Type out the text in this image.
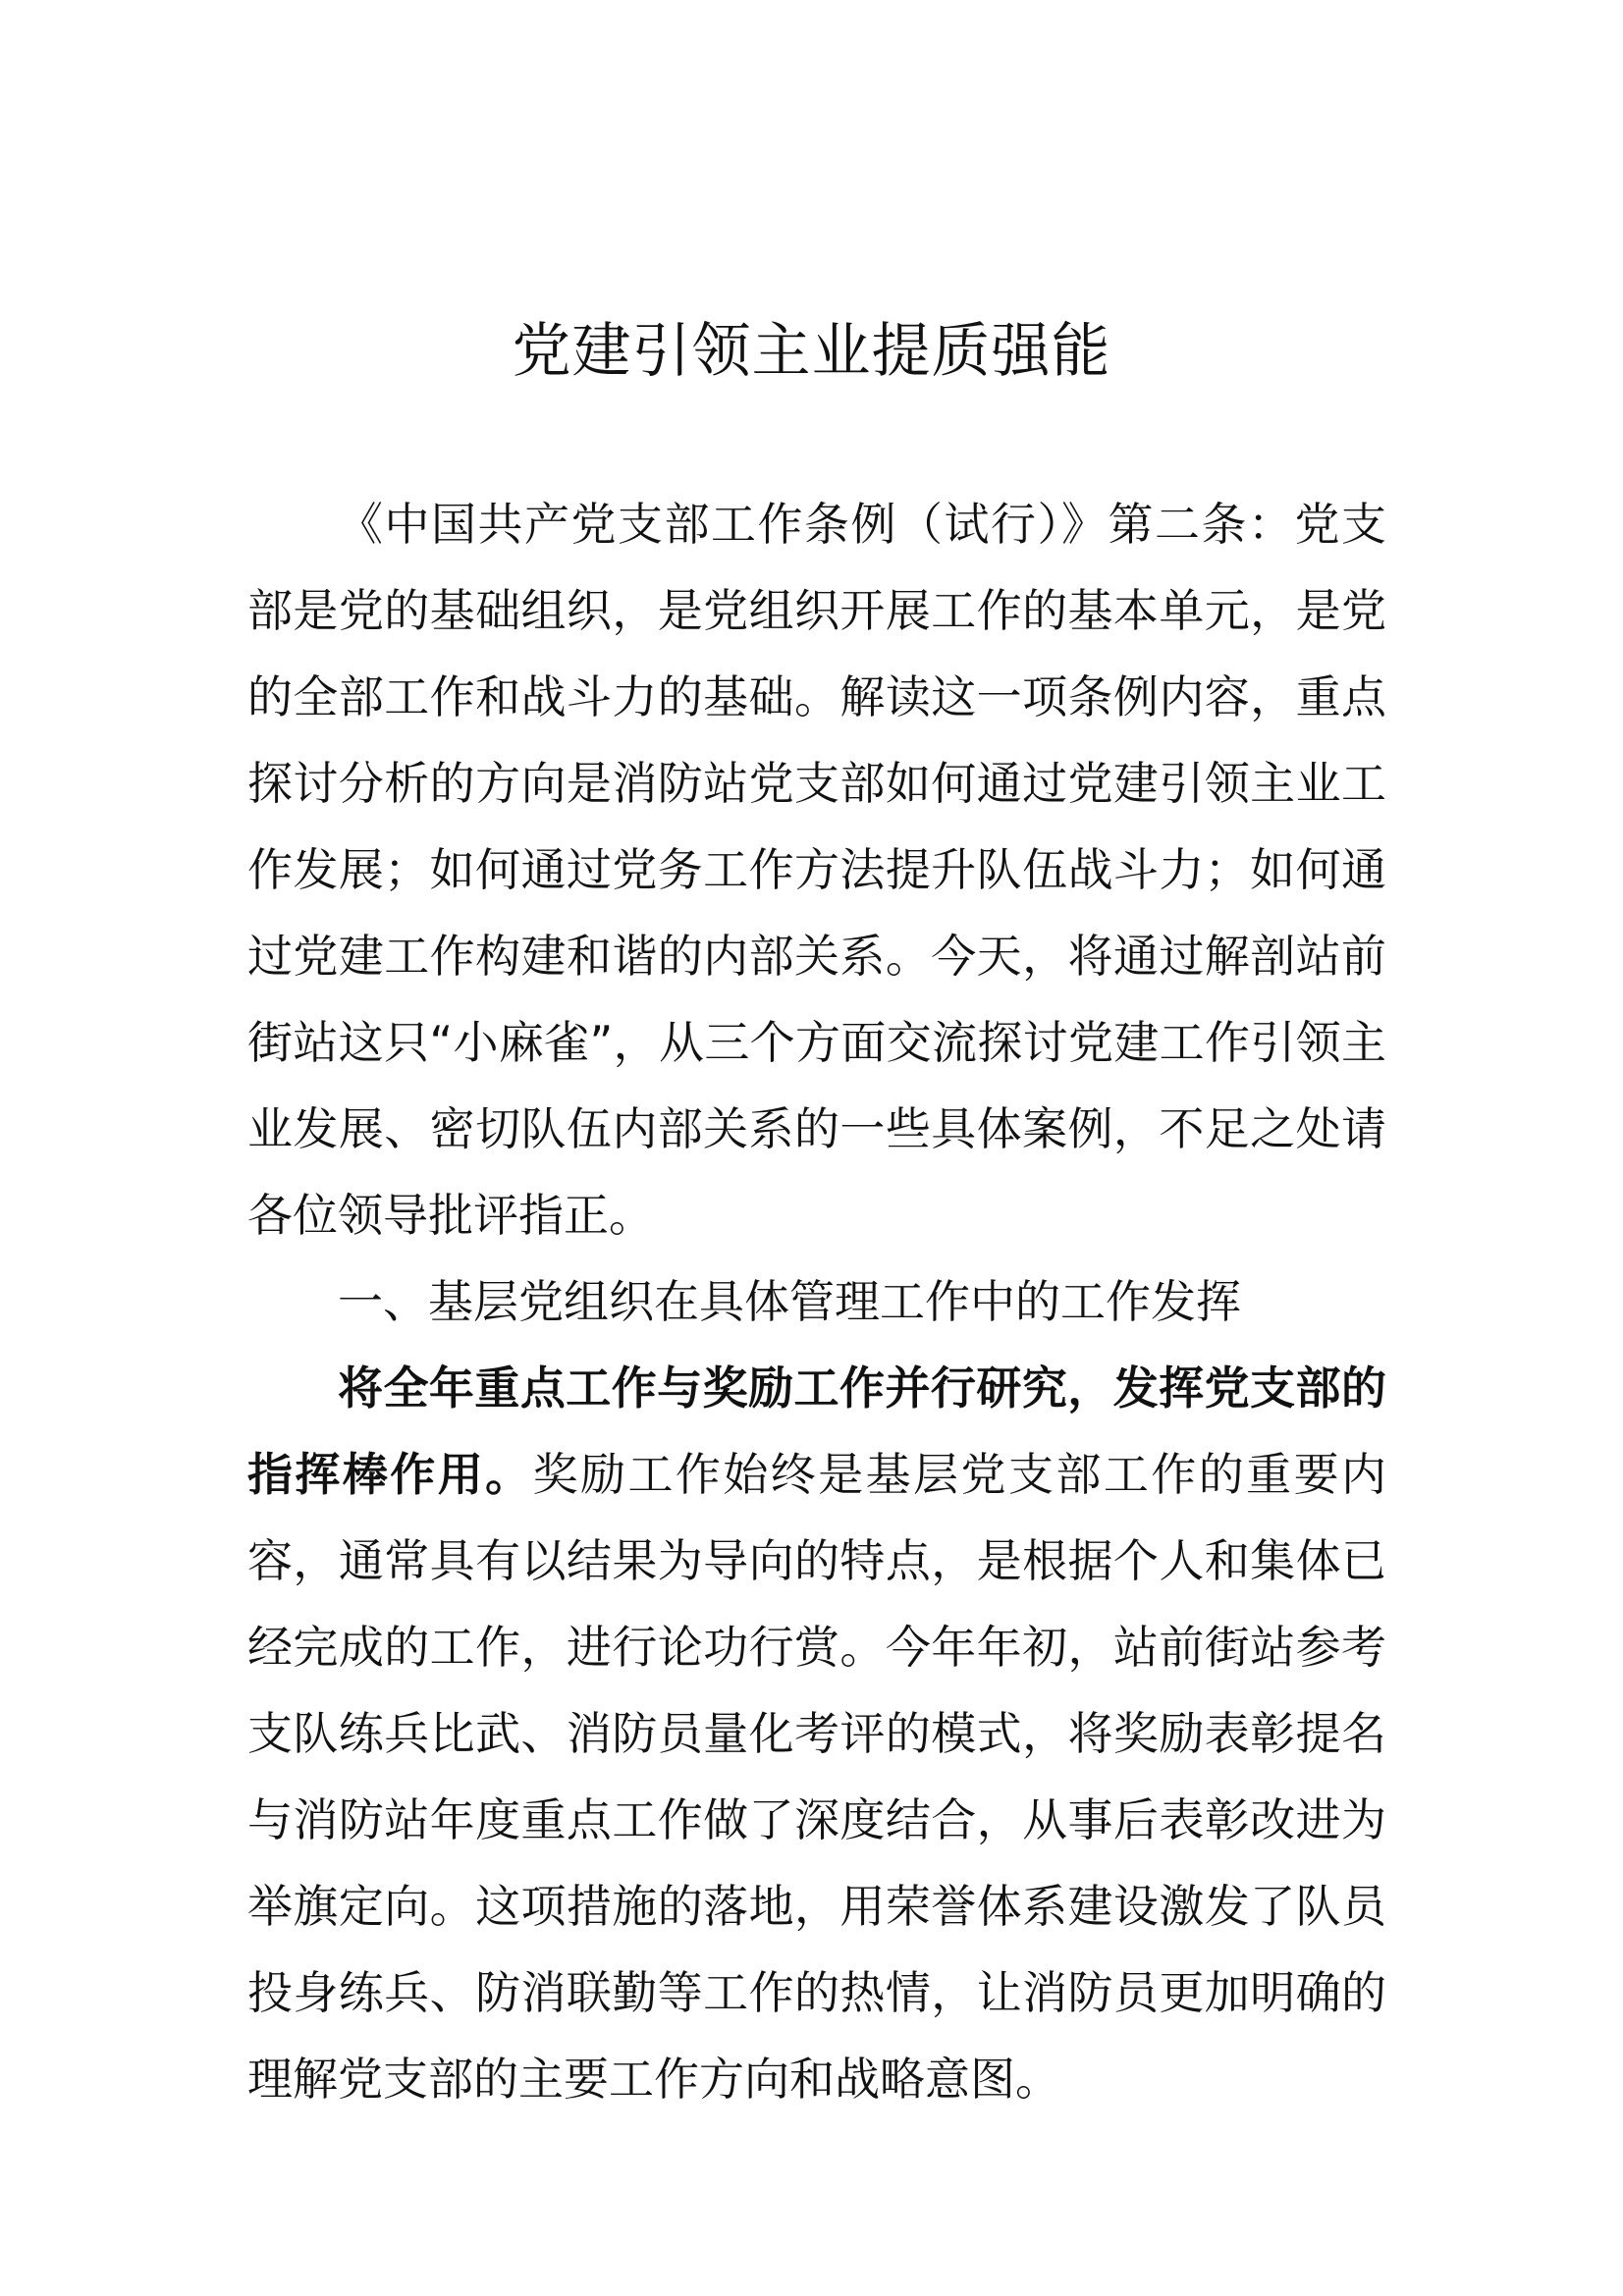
党建引领主业提质强能

《中国共产党支部工作条例（试行）》第二条：党支部是党的基础组织，是党组织开展工作的基本单元，是党的全部工作和战斗力的基础。解读这一项条例内容，重点探讨分析的方向是消防站党支部如何通过党建引领主业工作发展；如何通过党务工作方法提升队伍战斗力；如何通过党建工作构建和谐的内部关系。今天，将通过解剖站前街站这只“小麻雀”，从三个方面交流探讨党建工作引领主业发展、密切队伍内部关系的一些具体案例，不足之处请各位领导批评指正。

一、基层党组织在具体管理工作中的工作发挥

将全年重点工作与奖励工作并行研究，发挥党支部的指挥棒作用。奖励工作始终是基层党支部工作的重要内容，通常具有以结果为导向的特点，是根据个人和集体已经完成的工作，进行论功行赏。今年年初，站前街站参考支队练兵比武、消防员量化考评的模式，将奖励表彰提名与消防站年度重点工作做了深度结合，从事后表彰改进为举旗定向。这项措施的落地，用荣誉体系建设激发了队员投身练兵、防消联勤等工作的热情，让消防员更加明确的理解党支部的主要工作方向和战略意图。
